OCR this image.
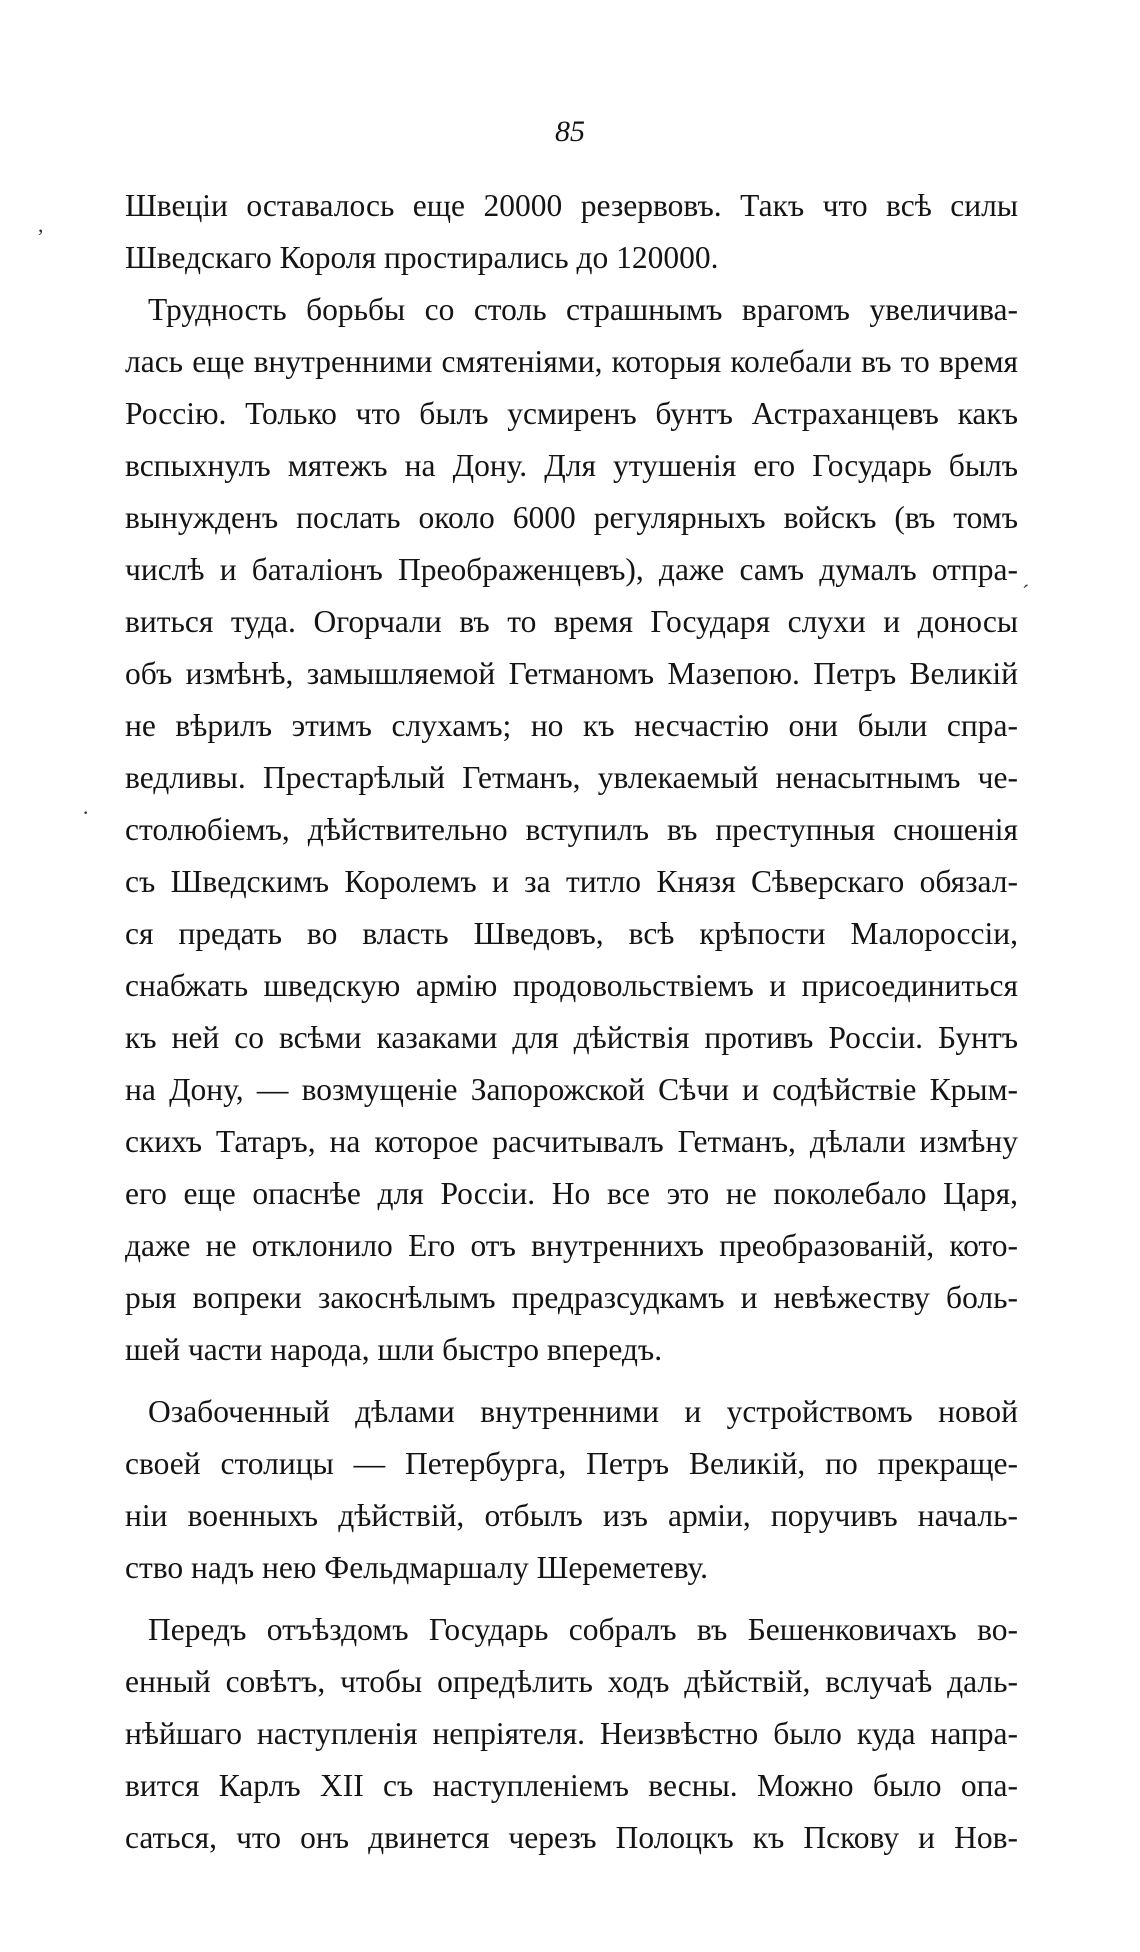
85
,
´
·
Швеціи оставалось еще 20000 резервовъ. Такъ что всѣ силы
Шведскаго Короля простирались до 120000.
Трудность борьбы со столь страшнымъ врагомъ увеличива-
лась еще внутренними смятеніями, которыя колебали въ то время
Россію. Только что былъ усмиренъ бунтъ Астраханцевъ какъ
вспыхнулъ мятежъ на Дону. Для утушенія его Государь былъ
вынужденъ послать около 6000 регулярныхъ войскъ (въ томъ
числѣ и баталіонъ Преображенцевъ), даже самъ думалъ отпра-
виться туда. Огорчали въ то время Государя слухи и доносы
объ измѣнѣ, замышляемой Гетманомъ Мазепою. Петръ Великій
не вѣрилъ этимъ слухамъ; но къ несчастію они были спра-
ведливы. Престарѣлый Гетманъ, увлекаемый ненасытнымъ че-
столюбіемъ, дѣйствительно вступилъ въ преступныя сношенія
съ Шведскимъ Королемъ и за титло Князя Сѣверскаго обязал-
ся предать во власть Шведовъ, всѣ крѣпости Малороссіи,
снабжать шведскую армію продовольствіемъ и присоединиться
къ ней со всѣми казаками для дѣйствія противъ Россіи. Бунтъ
на Дону, — возмущеніе Запорожской Сѣчи и содѣйствіе Крым-
скихъ Татаръ, на которое расчитывалъ Гетманъ, дѣлали измѣну
его еще опаснѣе для Россіи. Но все это не поколебало Царя,
даже не отклонило Его отъ внутреннихъ преобразованій, кото-
рыя вопреки закоснѣлымъ предразсудкамъ и невѣжеству боль-
шей части народа, шли быстро впередъ.
Озабоченный дѣлами внутренними и устройствомъ новой
своей столицы — Петербурга, Петръ Великій, по прекраще-
ніи военныхъ дѣйствій, отбылъ изъ арміи, поручивъ началь-
ство надъ нею Фельдмаршалу Шереметеву.
Передъ отъѣздомъ Государь собралъ въ Бешенковичахъ во-
енный совѣтъ, чтобы опредѣлить ходъ дѣйствій, вслучаѣ даль-
нѣйшаго наступленія непріятеля. Неизвѣстно было куда напра-
вится Карлъ XII съ наступленіемъ весны. Можно было опа-
саться, что онъ двинется черезъ Полоцкъ къ Пскову и Нов-
